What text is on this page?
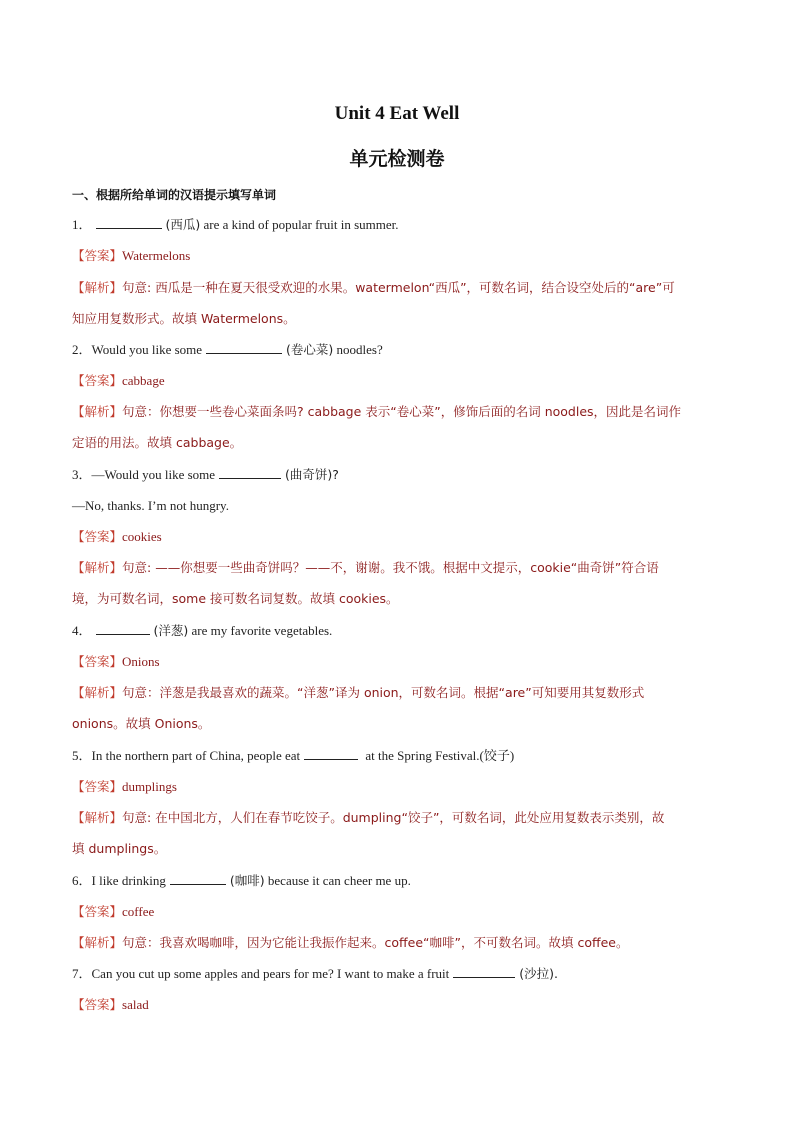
Unit 4 Eat Well
单元检测卷
一、根据所给单词的汉语提示填写单词
1．	(西瓜) are a kind of popular fruit in summer.
【答案】Watermelons
【解析】句意: 西瓜是一种在夏天很受欢迎的水果。watermelon“西瓜”，可数名词，结合设空处后的“are”可
知应用复数形式。故填 Watermelons。
2．Would you like some	(卷心菜) noodles?
【答案】cabbage
【解析】句意：你想要一些卷心菜面条吗? cabbage 表示“卷心菜”，修饰后面的名词 noodles，因此是名词作
定语的用法。故填 cabbage。
3．—Would you like some	(曲奇饼)?
—No, thanks. I’m not hungry.
【答案】cookies
【解析】句意: ——你想要一些曲奇饼吗？——不，谢谢。我不饿。根据中文提示，cookie“曲奇饼”符合语
境，为可数名词，some 接可数名词复数。故填 cookies。
4．	(洋葱) are my favorite vegetables.
【答案】Onions
【解析】句意：洋葱是我最喜欢的蔬菜。“洋葱”译为 onion，可数名词。根据“are”可知要用其复数形式
onions。故填 Onions。
5．In the northern part of China, people eat	at the Spring Festival.(饺子)
【答案】dumplings
【解析】句意: 在中国北方，人们在春节吃饺子。dumpling“饺子”，可数名词，此处应用复数表示类别，故
填 dumplings。
6．I like drinking	(咖啡) because it can cheer me up.
【答案】coffee
【解析】句意：我喜欢喝咖啡，因为它能让我振作起来。coffee“咖啡”，不可数名词。故填 coffee。
7．Can you cut up some apples and pears for me? I want to make a fruit	(沙拉).
【答案】salad
